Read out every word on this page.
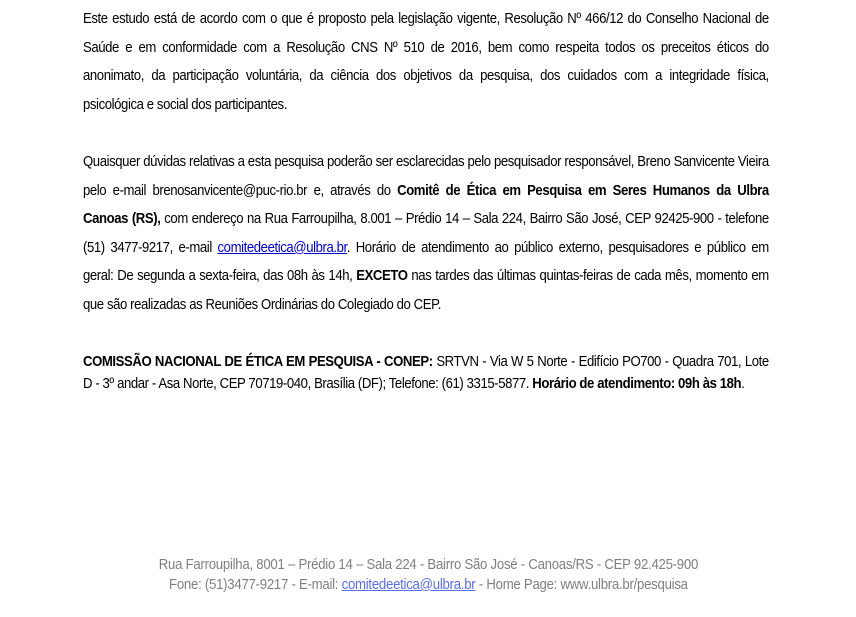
Este estudo está de acordo com o que é proposto pela legislação vigente, Resolução Nº 466/12 do Conselho Nacional de Saúde e em conformidade com a Resolução CNS Nº 510 de 2016, bem como respeita todos os preceitos éticos do anonimato, da participação voluntária, da ciência dos objetivos da pesquisa, dos cuidados com a integridade física, psicológica e social dos participantes.

Quaisquer dúvidas relativas a esta pesquisa poderão ser esclarecidas pelo pesquisador responsável, Breno Sanvicente Vieira pelo e-mail brenosanvicente@puc-rio.br e, através do Comitê de Ética em Pesquisa em Seres Humanos da Ulbra Canoas (RS), com endereço na Rua Farroupilha, 8.001 – Prédio 14 – Sala 224, Bairro São José, CEP 92425-900 - telefone (51) 3477-9217, e-mail comitedeetica@ulbra.br. Horário de atendimento ao público externo, pesquisadores e público em geral: De segunda a sexta-feira, das 08h às 14h, EXCETO nas tardes das últimas quintas-feiras de cada mês, momento em que são realizadas as Reuniões Ordinárias do Colegiado do CEP.

COMISSÃO NACIONAL DE ÉTICA EM PESQUISA - CONEP: SRTVN - Via W 5 Norte - Edifício PO700 - Quadra 701, Lote D - 3º andar - Asa Norte, CEP 70719-040, Brasília (DF); Telefone: (61) 3315-5877. Horário de atendimento: 09h às 18h.

Rua Farroupilha, 8001 – Prédio 14 – Sala 224 - Bairro São José - Canoas/RS - CEP 92.425-900
Fone: (51)3477-9217 - E-mail: comitedeetica@ulbra.br - Home Page: www.ulbra.br/pesquisa
